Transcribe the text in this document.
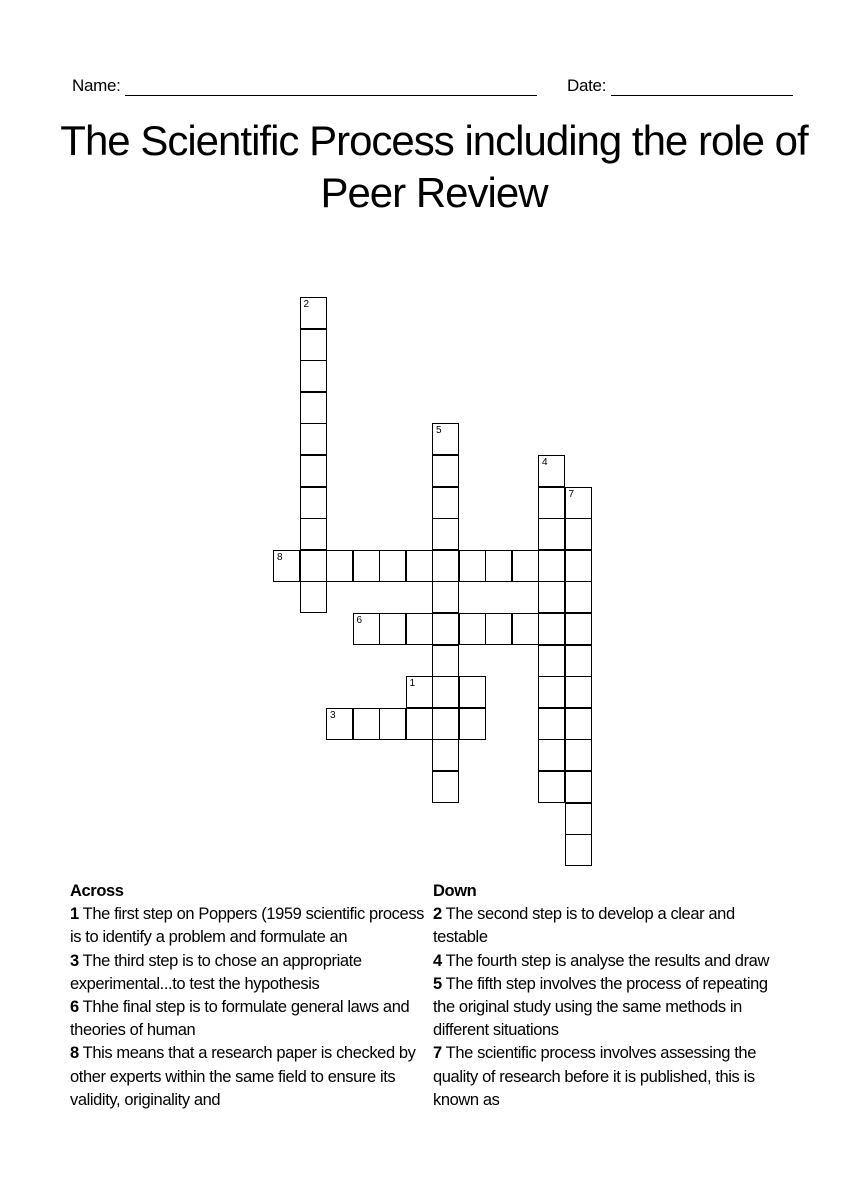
Name:	Date:
The Scientific Process including the role of Peer Review
2
5
4
7
8
6
1
3
Across
1 The first step on Poppers (1959 scientific process is to identify a problem and formulate an
3 The third step is to chose an appropriate experimental...to test the hypothesis
6 Thhe final step is to formulate general laws and theories of human
8 This means that a research paper is checked by other experts within the same field to ensure its validity, originality and
Down
2 The second step is to develop a clear and testable
4 The fourth step is analyse the results and draw
5 The fifth step involves the process of repeating the original study using the same methods in different situations
7 The scientific process involves assessing the quality of research before it is published, this is known as
